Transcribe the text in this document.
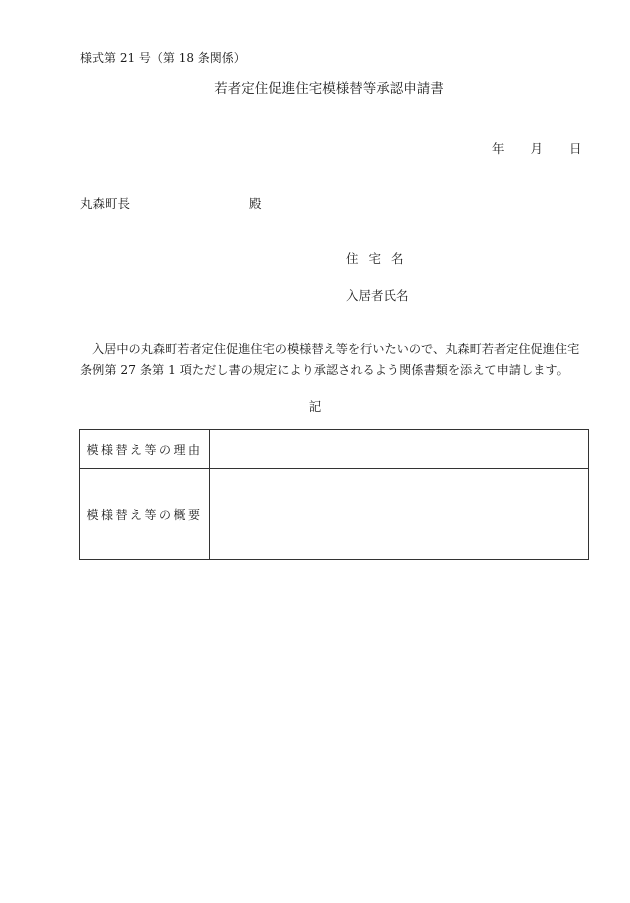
様式第 21 号（第 18 条関係）
若者定住促進住宅模様替等承認申請書
年 月 日
丸森町長	殿
住宅名
入居者氏名
入居中の丸森町若者定住促進住宅の模様替え等を行いたいので、丸森町若者定住促進住宅条例第 27 条第 1 項ただし書の規定により承認されるよう関係書類を添えて申請します。
記
模様替え等の理由	
模様替え等の概要	
